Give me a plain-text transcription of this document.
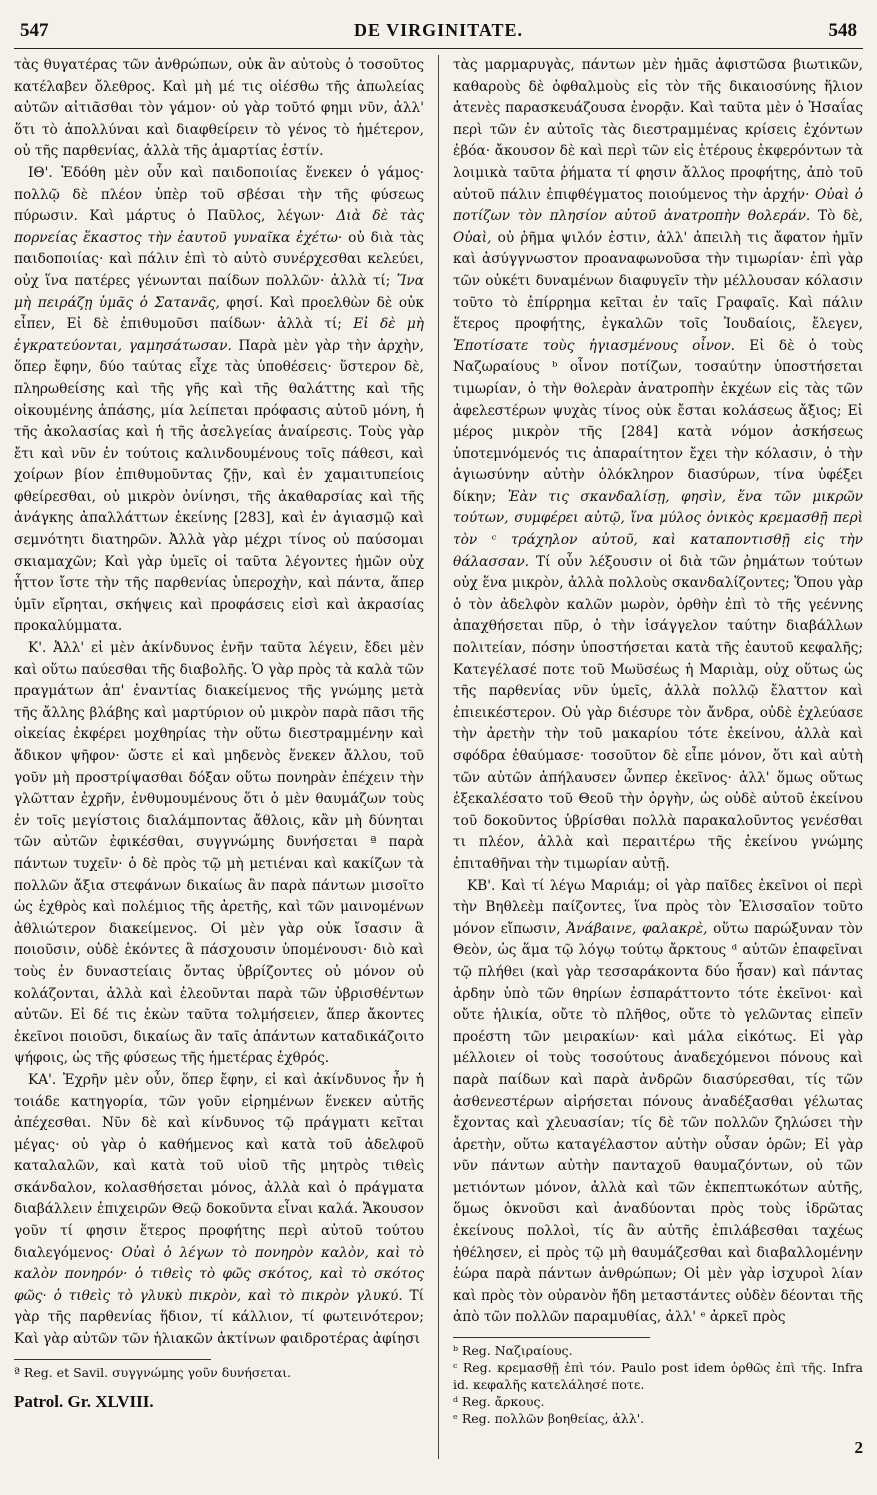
547	DE VIRGINITATE.	548

τὰς θυγατέρας τῶν ἀνθρώπων, οὐκ ἂν αὐτοὺς ὁ τοσοῦτος κατέλαβεν ὄλεθρος. Καὶ μὴ μέ τις οἰέσθω τῆς ἀπωλείας αὐτῶν αἰτιᾶσθαι τὸν γάμον· οὐ γὰρ τοῦτό φημι νῦν, ἀλλ' ὅτι τὸ ἀπολλύναι καὶ διαφθείρειν τὸ γένος τὸ ἡμέτερον, οὐ τῆς παρθενίας, ἀλλὰ τῆς ἁμαρτίας ἐστίν.

ΙΘ'. Ἐδόθη μὲν οὖν καὶ παιδοποιίας ἕνεκεν ὁ γάμος· πολλῷ δὲ πλέον ὑπὲρ τοῦ σβέσαι τὴν τῆς φύσεως πύρωσιν. Καὶ μάρτυς ὁ Παῦλος, λέγων· Διὰ δὲ τὰς πορνείας ἕκαστος τὴν ἑαυτοῦ γυναῖκα ἐχέτω· οὐ διὰ τὰς παιδοποιίας· καὶ πάλιν ἐπὶ τὸ αὐτὸ συνέρχεσθαι κελεύει, οὐχ ἵνα πατέρες γένωνται παίδων πολλῶν· ἀλλὰ τί; Ἵνα μὴ πειράζῃ ὑμᾶς ὁ Σατανᾶς, φησί. Καὶ προελθὼν δὲ οὐκ εἶπεν, Εἰ δὲ ἐπιθυμοῦσι παίδων· ἀλλὰ τί; Εἰ δὲ μὴ ἐγκρατεύονται, γαμησάτωσαν. Παρὰ μὲν γὰρ τὴν ἀρχὴν, ὅπερ ἔφην, δύο ταύτας εἶχε τὰς ὑποθέσεις· ὕστερον δὲ, πληρωθείσης καὶ τῆς γῆς καὶ τῆς θαλάττης καὶ τῆς οἰκουμένης ἁπάσης, μία λείπεται πρόφασις αὐτοῦ μόνη, ἡ τῆς ἀκολασίας καὶ ἡ τῆς ἀσελγείας ἀναίρεσις. Τοὺς γὰρ ἔτι καὶ νῦν ἐν τούτοις καλινδουμένους τοῖς πάθεσι, καὶ χοίρων βίον ἐπιθυμοῦντας ζῇν, καὶ ἐν χαμαιτυπείοις φθείρεσθαι, οὐ μικρὸν ὀνίνησι, τῆς ἀκαθαρσίας καὶ τῆς ἀνάγκης ἀπαλλάττων ἐκείνης [283], καὶ ἐν ἁγιασμῷ καὶ σεμνότητι διατηρῶν. Ἀλλὰ γὰρ μέχρι τίνος οὐ παύσομαι σκιαμαχῶν; Καὶ γὰρ ὑμεῖς οἱ ταῦτα λέγοντες ἡμῶν οὐχ ἧττον ἴστε τὴν τῆς παρθενίας ὑπεροχὴν, καὶ πάντα, ἅπερ ὑμῖν εἴρηται, σκήψεις καὶ προφάσεις εἰσὶ καὶ ἀκρασίας προκαλύμματα.

Κ'. Ἀλλ' εἰ μὲν ἀκίνδυνος ἐνῆν ταῦτα λέγειν, ἔδει μὲν καὶ οὕτω παύεσθαι τῆς διαβολῆς. Ὁ γὰρ πρὸς τὰ καλὰ τῶν πραγμάτων ἀπ' ἐναντίας διακείμενος τῆς γνώμης μετὰ τῆς ἄλλης βλάβης καὶ μαρτύριον οὐ μικρὸν παρὰ πᾶσι τῆς οἰκείας ἐκφέρει μοχθηρίας τὴν οὕτω διεστραμμένην καὶ ἄδικον ψῆφον· ὥστε εἰ καὶ μηδενὸς ἕνεκεν ἄλλου, τοῦ γοῦν μὴ προστρίψασθαι δόξαν οὕτω πονηρὰν ἐπέχειν τὴν γλῶτταν ἐχρῆν, ἐνθυμουμένους ὅτι ὁ μὲν θαυμάζων τοὺς ἐν τοῖς μεγίστοις διαλάμποντας ἄθλοις, κἂν μὴ δύνηται τῶν αὐτῶν ἐφικέσθαι, συγγνώμης δυνήσεται ª παρὰ πάντων τυχεῖν· ὁ δὲ πρὸς τῷ μὴ μετιέναι καὶ κακίζων τὰ πολλῶν ἄξια στεφάνων δικαίως ἂν παρὰ πάντων μισοῖτο ὡς ἐχθρὸς καὶ πολέμιος τῆς ἀρετῆς, καὶ τῶν μαινομένων ἀθλιώτερον διακείμενος. Οἱ μὲν γὰρ οὐκ ἴσασιν ἃ ποιοῦσιν, οὐδὲ ἑκόντες ἃ πάσχουσιν ὑπομένουσι· διὸ καὶ τοὺς ἐν δυναστείαις ὄντας ὑβρίζοντες οὐ μόνον οὐ κολάζονται, ἀλλὰ καὶ ἐλεοῦνται παρὰ τῶν ὑβρισθέντων αὐτῶν. Εἰ δέ τις ἑκὼν ταῦτα τολμήσειεν, ἅπερ ἄκοντες ἐκεῖνοι ποιοῦσι, δικαίως ἂν ταῖς ἁπάντων καταδικάζοιτο ψήφοις, ὡς τῆς φύσεως τῆς ἡμετέρας ἐχθρός.

ΚΑ'. Ἐχρῆν μὲν οὖν, ὅπερ ἔφην, εἰ καὶ ἀκίνδυνος ἦν ἡ τοιάδε κατηγορία, τῶν γοῦν εἰρημένων ἕνεκεν αὐτῆς ἀπέχεσθαι. Νῦν δὲ καὶ κίνδυνος τῷ πράγματι κεῖται μέγας· οὐ γὰρ ὁ καθήμενος καὶ κατὰ τοῦ ἀδελφοῦ καταλαλῶν, καὶ κατὰ τοῦ υἱοῦ τῆς μητρὸς τιθεὶς σκάνδαλον, κολασθήσεται μόνος, ἀλλὰ καὶ ὁ πράγματα διαβάλλειν ἐπιχειρῶν Θεῷ δοκοῦντα εἶναι καλά. Ἄκουσον γοῦν τί φησιν ἕτερος προφήτης περὶ αὐτοῦ τούτου διαλεγόμενος· Οὐαὶ ὁ λέγων τὸ πονηρὸν καλὸν, καὶ τὸ καλὸν πονηρόν· ὁ τιθεὶς τὸ φῶς σκότος, καὶ τὸ σκότος φῶς· ὁ τιθεὶς τὸ γλυκὺ πικρὸν, καὶ τὸ πικρὸν γλυκύ. Τί γὰρ τῆς παρθενίας ἥδιον, τί κάλλιον, τί φωτεινότερον; Καὶ γὰρ αὐτῶν τῶν ἡλιακῶν ἀκτίνων φαιδροτέρας ἀφίησι

ª Reg. et Savil. συγγνώμης γοῦν δυνήσεται.

Patrol. Gr. XLVIII.

τὰς μαρμαρυγὰς, πάντων μὲν ἡμᾶς ἀφιστῶσα βιωτικῶν, καθαροὺς δὲ ὀφθαλμοὺς εἰς τὸν τῆς δικαιοσύνης ἥλιον ἀτενὲς παρασκευάζουσα ἐνορᾷν. Καὶ ταῦτα μὲν ὁ Ἡσαΐας περὶ τῶν ἐν αὐτοῖς τὰς διεστραμμένας κρίσεις ἐχόντων ἐβόα· ἄκουσον δὲ καὶ περὶ τῶν εἰς ἑτέρους ἐκφερόντων τὰ λοιμικὰ ταῦτα ῥήματα τί φησιν ἄλλος προφήτης, ἀπὸ τοῦ αὐτοῦ πάλιν ἐπιφθέγματος ποιούμενος τὴν ἀρχήν· Οὐαὶ ὁ ποτίζων τὸν πλησίον αὐτοῦ ἀνατροπὴν θολεράν. Τὸ δὲ, Οὐαὶ, οὐ ῥῆμα ψιλόν ἐστιν, ἀλλ' ἀπειλὴ τις ἄφατον ἡμῖν καὶ ἀσύγγνωστον προαναφωνοῦσα τὴν τιμωρίαν· ἐπὶ γὰρ τῶν οὐκέτι δυναμένων διαφυγεῖν τὴν μέλλουσαν κόλασιν τοῦτο τὸ ἐπίρρημα κεῖται ἐν ταῖς Γραφαῖς. Καὶ πάλιν ἕτερος προφήτης, ἐγκαλῶν τοῖς Ἰουδαίοις, ἔλεγεν, Ἐποτίσατε τοὺς ἡγιασμένους οἶνον. Εἰ δὲ ὁ τοὺς Ναζωραίους ᵇ οἶνον ποτίζων, τοσαύτην ὑποστήσεται τιμωρίαν, ὁ τὴν θολερὰν ἀνατροπὴν ἐκχέων εἰς τὰς τῶν ἀφελεστέρων ψυχὰς τίνος οὐκ ἔσται κολάσεως ἄξιος; Εἰ μέρος μικρὸν τῆς [284] κατὰ νόμον ἀσκήσεως ὑποτεμνόμενός τις ἀπαραίτητον ἔχει τὴν κόλασιν, ὁ τὴν ἁγιωσύνην αὐτὴν ὁλόκληρον διασύρων, τίνα ὑφέξει δίκην; Ἐὰν τις σκανδαλίσῃ, φησὶν, ἕνα τῶν μικρῶν τούτων, συμφέρει αὐτῷ, ἵνα μύλος ὀνικὸς κρεμασθῇ περὶ τὸν ᶜ τράχηλον αὐτοῦ, καὶ καταποντισθῇ εἰς τὴν θάλασσαν. Τί οὖν λέξουσιν οἱ διὰ τῶν ῥημάτων τούτων οὐχ ἕνα μικρὸν, ἀλλὰ πολλοὺς σκανδαλίζοντες; Ὅπου γὰρ ὁ τὸν ἀδελφὸν καλῶν μωρὸν, ὀρθὴν ἐπὶ τὸ τῆς γεέννης ἀπαχθήσεται πῦρ, ὁ τὴν ἰσάγγελον ταύτην διαβάλλων πολιτείαν, πόσην ὑποστήσεται κατὰ τῆς ἑαυτοῦ κεφαλῆς; Κατεγέλασέ ποτε τοῦ Μωϋσέως ἡ Μαριὰμ, οὐχ οὕτως ὡς τῆς παρθενίας νῦν ὑμεῖς, ἀλλὰ πολλῷ ἔλαττον καὶ ἐπιεικέστερον. Οὐ γὰρ διέσυρε τὸν ἄνδρα, οὐδὲ ἐχλεύασε τὴν ἀρετὴν τὴν τοῦ μακαρίου τότε ἐκείνου, ἀλλὰ καὶ σφόδρα ἐθαύμασε· τοσοῦτον δὲ εἶπε μόνον, ὅτι καὶ αὐτὴ τῶν αὐτῶν ἀπήλαυσεν ὧνπερ ἐκεῖνος· ἀλλ' ὅμως οὕτως ἐξεκαλέσατο τοῦ Θεοῦ τὴν ὀργὴν, ὡς οὐδὲ αὐτοῦ ἐκείνου τοῦ δοκοῦντος ὑβρίσθαι πολλὰ παρακαλοῦντος γενέσθαι τι πλέον, ἀλλὰ καὶ περαιτέρω τῆς ἐκείνου γνώμης ἐπιταθῆναι τὴν τιμωρίαν αὐτῇ.

ΚΒ'. Καὶ τί λέγω Μαριάμ; οἱ γὰρ παῖδες ἐκεῖνοι οἱ περὶ τὴν Βηθλεὲμ παίζοντες, ἵνα πρὸς τὸν Ἐλισσαῖον τοῦτο μόνον εἴπωσιν, Ἀνάβαινε, φαλακρὲ, οὕτω παρώξυναν τὸν Θεὸν, ὡς ἅμα τῷ λόγῳ τούτῳ ἄρκτους ᵈ αὐτῶν ἐπαφεῖναι τῷ πλήθει (καὶ γὰρ τεσσαράκοντα δύο ἦσαν) καὶ πάντας ἀρδην ὑπὸ τῶν θηρίων ἐσπαράττοντο τότε ἐκεῖνοι· καὶ οὔτε ἡλικία, οὔτε τὸ πλῆθος, οὔτε τὸ γελῶντας εἰπεῖν προέστη τῶν μειρακίων· καὶ μάλα εἰκότως. Εἰ γὰρ μέλλοιεν οἱ τοὺς τοσούτους ἀναδεχόμενοι πόνους καὶ παρὰ παίδων καὶ παρὰ ἀνδρῶν διασύρεσθαι, τίς τῶν ἀσθενεστέρων αἱρήσεται πόνους ἀναδέξασθαι γέλωτας ἔχοντας καὶ χλευασίαν; τίς δὲ τῶν πολλῶν ζηλώσει τὴν ἀρετὴν, οὕτω καταγέλαστον αὐτὴν οὖσαν ὁρῶν; Εἰ γὰρ νῦν πάντων αὐτὴν πανταχοῦ θαυμαζόντων, οὐ τῶν μετιόντων μόνον, ἀλλὰ καὶ τῶν ἐκπεπτωκότων αὐτῆς, ὅμως ὀκνοῦσι καὶ ἀναδύονται πρὸς τοὺς ἱδρῶτας ἐκείνους πολλοὶ, τίς ἂν αὐτῆς ἐπιλάβεσθαι ταχέως ἠθέλησεν, εἰ πρὸς τῷ μὴ θαυμάζεσθαι καὶ διαβαλλομένην ἑώρα παρὰ πάντων ἀνθρώπων; Οἱ μὲν γὰρ ἰσχυροὶ λίαν καὶ πρὸς τὸν οὐρανὸν ἤδη μεταστάντες οὐδὲν δέονται τῆς ἀπὸ τῶν πολλῶν παραμυθίας, ἀλλ' ᵉ ἀρκεῖ πρὸς

ᵇ Reg. Ναζιραίους.

ᶜ Reg. κρεμασθῇ ἐπὶ τόν. Paulo post idem ὀρθῶς ἐπὶ τῆς. Infra id. κεφαλῆς κατελάλησέ ποτε.

ᵈ Reg. ἄρκους.

ᵉ Reg. πολλῶν βοηθείας, ἀλλ'.

2
